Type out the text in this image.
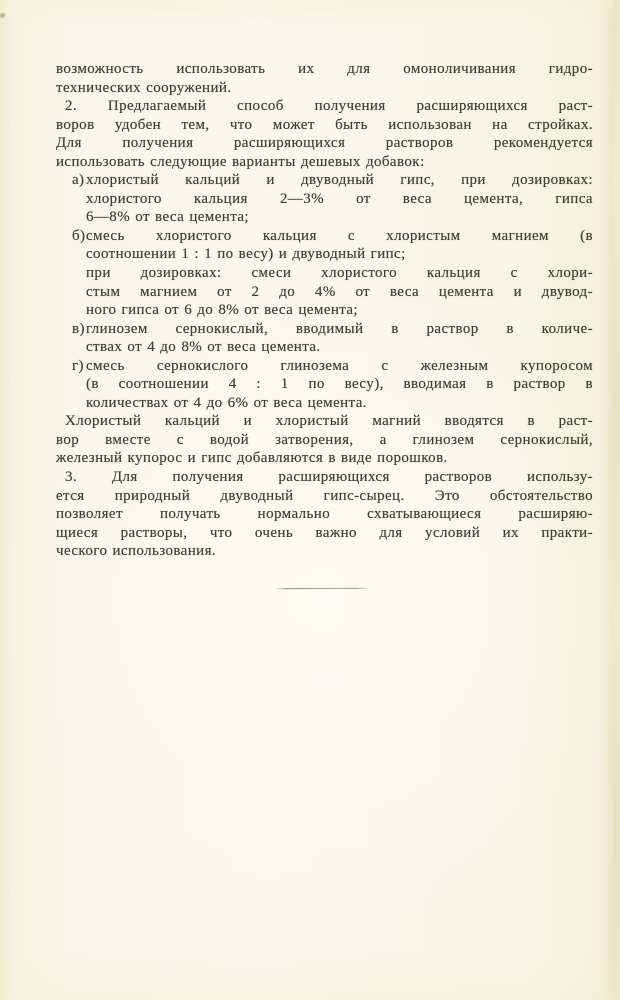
возможность использовать их для омоноличивания гидро-
технических сооружений.
2. Предлагаемый способ получения расширяющихся раст-
воров удобен тем, что может быть использован на стройках.
Для получения расширяющихся растворов рекомендуется
использовать следующие варианты дешевых добавок:
а) хлористый кальций и двуводный гипс, при дозировках:
хлористого кальция 2—3% от веса цемента, гипса
6—8% от веса цемента;
б) смесь хлористого кальция с хлористым магнием (в
соотношении 1 : 1 по весу) и двуводный гипс;
при дозировках: смеси хлористого кальция с хлори-
стым магнием от 2 до 4% от веса цемента и двувод-
ного гипса от 6 до 8% от веса цемента;
в) глинозем сернокислый, вводимый в раствор в количе-
ствах от 4 до 8% от веса цемента.
г) смесь сернокислого глинозема с железным купоросом
(в соотношении 4 : 1 по весу), вводимая в раствор в
количествах от 4 до 6% от веса цемента.
Хлористый кальций и хлористый магний вводятся в раст-
вор вместе с водой затворения, а глинозем сернокислый,
железный купорос и гипс добавляются в виде порошков.
3. Для получения расширяющихся растворов использу-
ется природный двуводный гипс-сырец. Это обстоятельство
позволяет получать нормально схватывающиеся расширяю-
щиеся растворы, что очень важно для условий их практи-
ческого использования.
